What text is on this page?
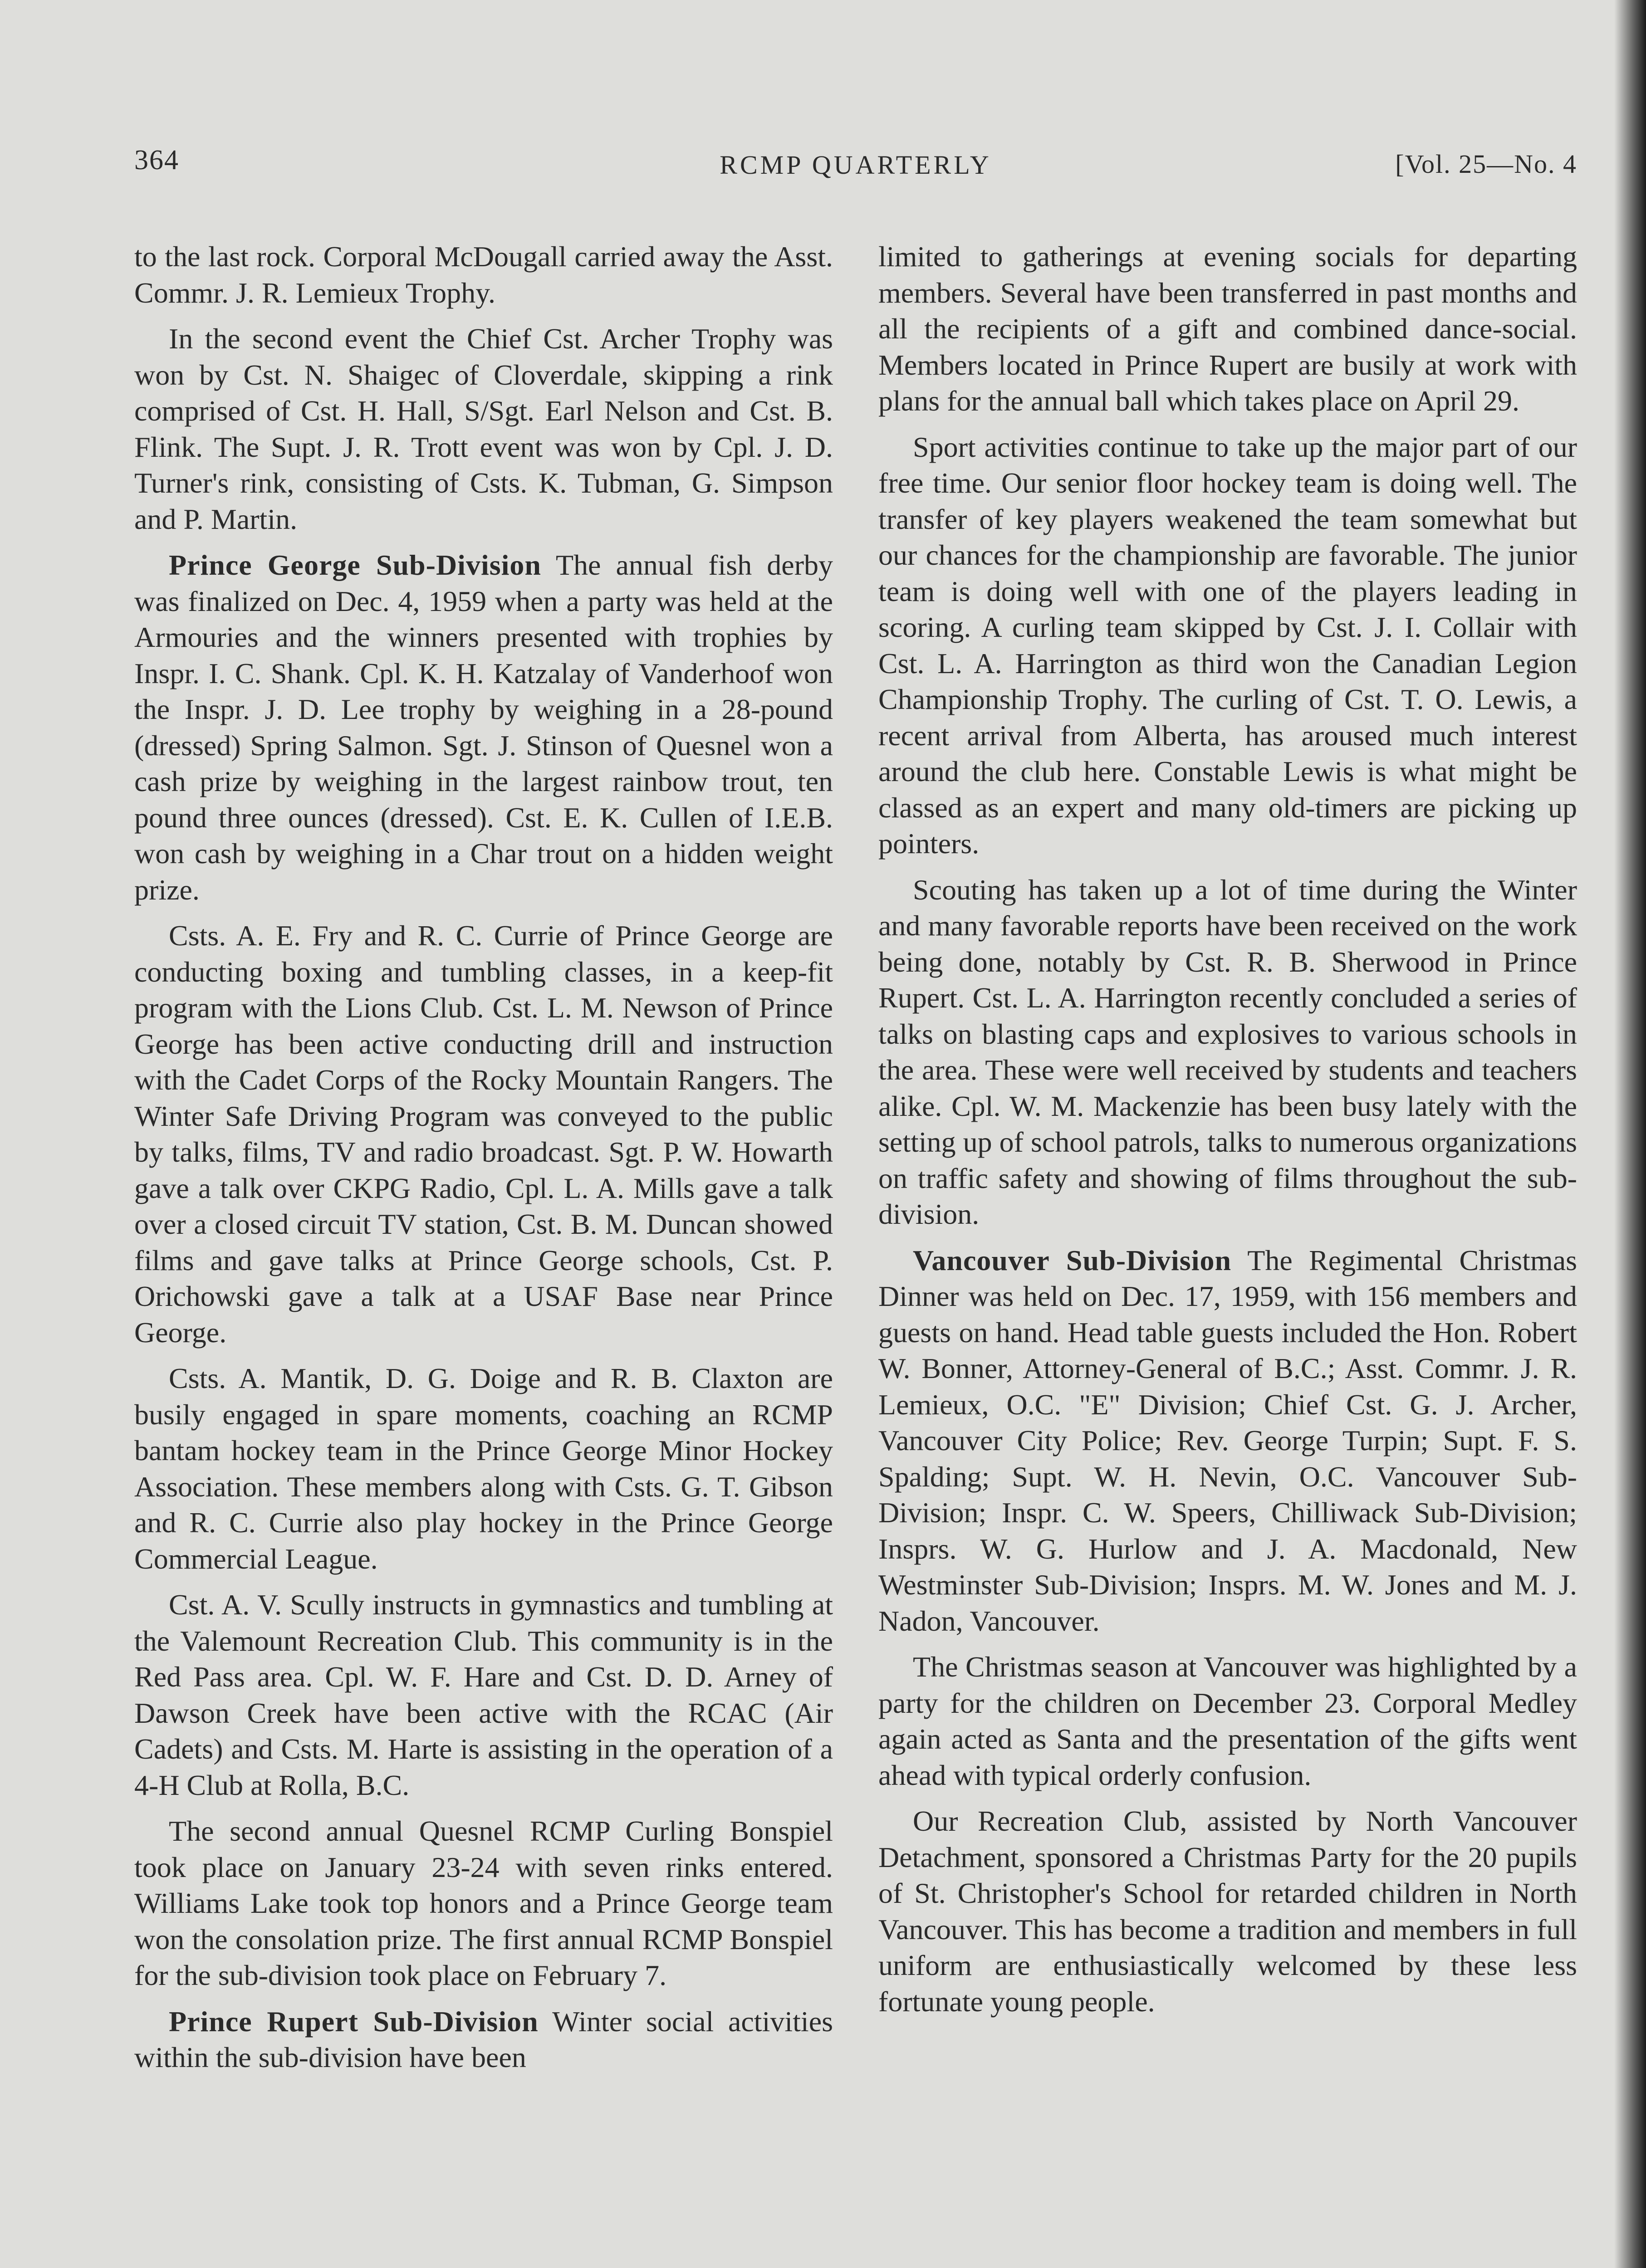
364	RCMP QUARTERLY	[Vol. 25—No. 4

to the last rock. Corporal McDougall carried away the Asst. Commr. J. R. Lemieux Trophy.

In the second event the Chief Cst. Archer Trophy was won by Cst. N. Shaigec of Cloverdale, skipping a rink comprised of Cst. H. Hall, S/Sgt. Earl Nelson and Cst. B. Flink. The Supt. J. R. Trott event was won by Cpl. J. D. Turner's rink, consisting of Csts. K. Tubman, G. Simpson and P. Martin.

Prince George Sub-Division The annual fish derby was finalized on Dec. 4, 1959 when a party was held at the Armouries and the winners presented with trophies by Inspr. I. C. Shank. Cpl. K. H. Katzalay of Vanderhoof won the Inspr. J. D. Lee trophy by weighing in a 28-pound (dressed) Spring Salmon. Sgt. J. Stinson of Quesnel won a cash prize by weighing in the largest rainbow trout, ten pound three ounces (dressed). Cst. E. K. Cullen of I.E.B. won cash by weighing in a Char trout on a hidden weight prize.

Csts. A. E. Fry and R. C. Currie of Prince George are conducting boxing and tumbling classes, in a keep-fit program with the Lions Club. Cst. L. M. Newson of Prince George has been active conducting drill and instruction with the Cadet Corps of the Rocky Mountain Rangers. The Winter Safe Driving Program was conveyed to the public by talks, films, TV and radio broadcast. Sgt. P. W. Howarth gave a talk over CKPG Radio, Cpl. L. A. Mills gave a talk over a closed circuit TV station, Cst. B. M. Duncan showed films and gave talks at Prince George schools, Cst. P. Orichowski gave a talk at a USAF Base near Prince George.

Csts. A. Mantik, D. G. Doige and R. B. Claxton are busily engaged in spare moments, coaching an RCMP bantam hockey team in the Prince George Minor Hockey Association. These members along with Csts. G. T. Gibson and R. C. Currie also play hockey in the Prince George Commercial League.

Cst. A. V. Scully instructs in gymnastics and tumbling at the Valemount Recreation Club. This community is in the Red Pass area. Cpl. W. F. Hare and Cst. D. D. Arney of Dawson Creek have been active with the RCAC (Air Cadets) and Csts. M. Harte is assisting in the operation of a 4-H Club at Rolla, B.C.

The second annual Quesnel RCMP Curling Bonspiel took place on January 23-24 with seven rinks entered. Williams Lake took top honors and a Prince George team won the consolation prize. The first annual RCMP Bonspiel for the sub-division took place on February 7.

Prince Rupert Sub-Division Winter social activities within the sub-division have been

limited to gatherings at evening socials for departing members. Several have been transferred in past months and all the recipients of a gift and combined dance-social. Members located in Prince Rupert are busily at work with plans for the annual ball which takes place on April 29.

Sport activities continue to take up the major part of our free time. Our senior floor hockey team is doing well. The transfer of key players weakened the team somewhat but our chances for the championship are favorable. The junior team is doing well with one of the players leading in scoring. A curling team skipped by Cst. J. I. Collair with Cst. L. A. Harrington as third won the Canadian Legion Championship Trophy. The curling of Cst. T. O. Lewis, a recent arrival from Alberta, has aroused much interest around the club here. Constable Lewis is what might be classed as an expert and many old-timers are picking up pointers.

Scouting has taken up a lot of time during the Winter and many favorable reports have been received on the work being done, notably by Cst. R. B. Sherwood in Prince Rupert. Cst. L. A. Harrington recently concluded a series of talks on blasting caps and explosives to various schools in the area. These were well received by students and teachers alike. Cpl. W. M. Mackenzie has been busy lately with the setting up of school patrols, talks to numerous organizations on traffic safety and showing of films throughout the sub-division.

Vancouver Sub-Division The Regimental Christmas Dinner was held on Dec. 17, 1959, with 156 members and guests on hand. Head table guests included the Hon. Robert W. Bonner, Attorney-General of B.C.; Asst. Commr. J. R. Lemieux, O.C. "E" Division; Chief Cst. G. J. Archer, Vancouver City Police; Rev. George Turpin; Supt. F. S. Spalding; Supt. W. H. Nevin, O.C. Vancouver Sub-Division; Inspr. C. W. Speers, Chilliwack Sub-Division; Insprs. W. G. Hurlow and J. A. Macdonald, New Westminster Sub-Division; Insprs. M. W. Jones and M. J. Nadon, Vancouver.

The Christmas season at Vancouver was highlighted by a party for the children on December 23. Corporal Medley again acted as Santa and the presentation of the gifts went ahead with typical orderly confusion.

Our Recreation Club, assisted by North Vancouver Detachment, sponsored a Christmas Party for the 20 pupils of St. Christopher's School for retarded children in North Vancouver. This has become a tradition and members in full uniform are enthusiastically welcomed by these less fortunate young people.
